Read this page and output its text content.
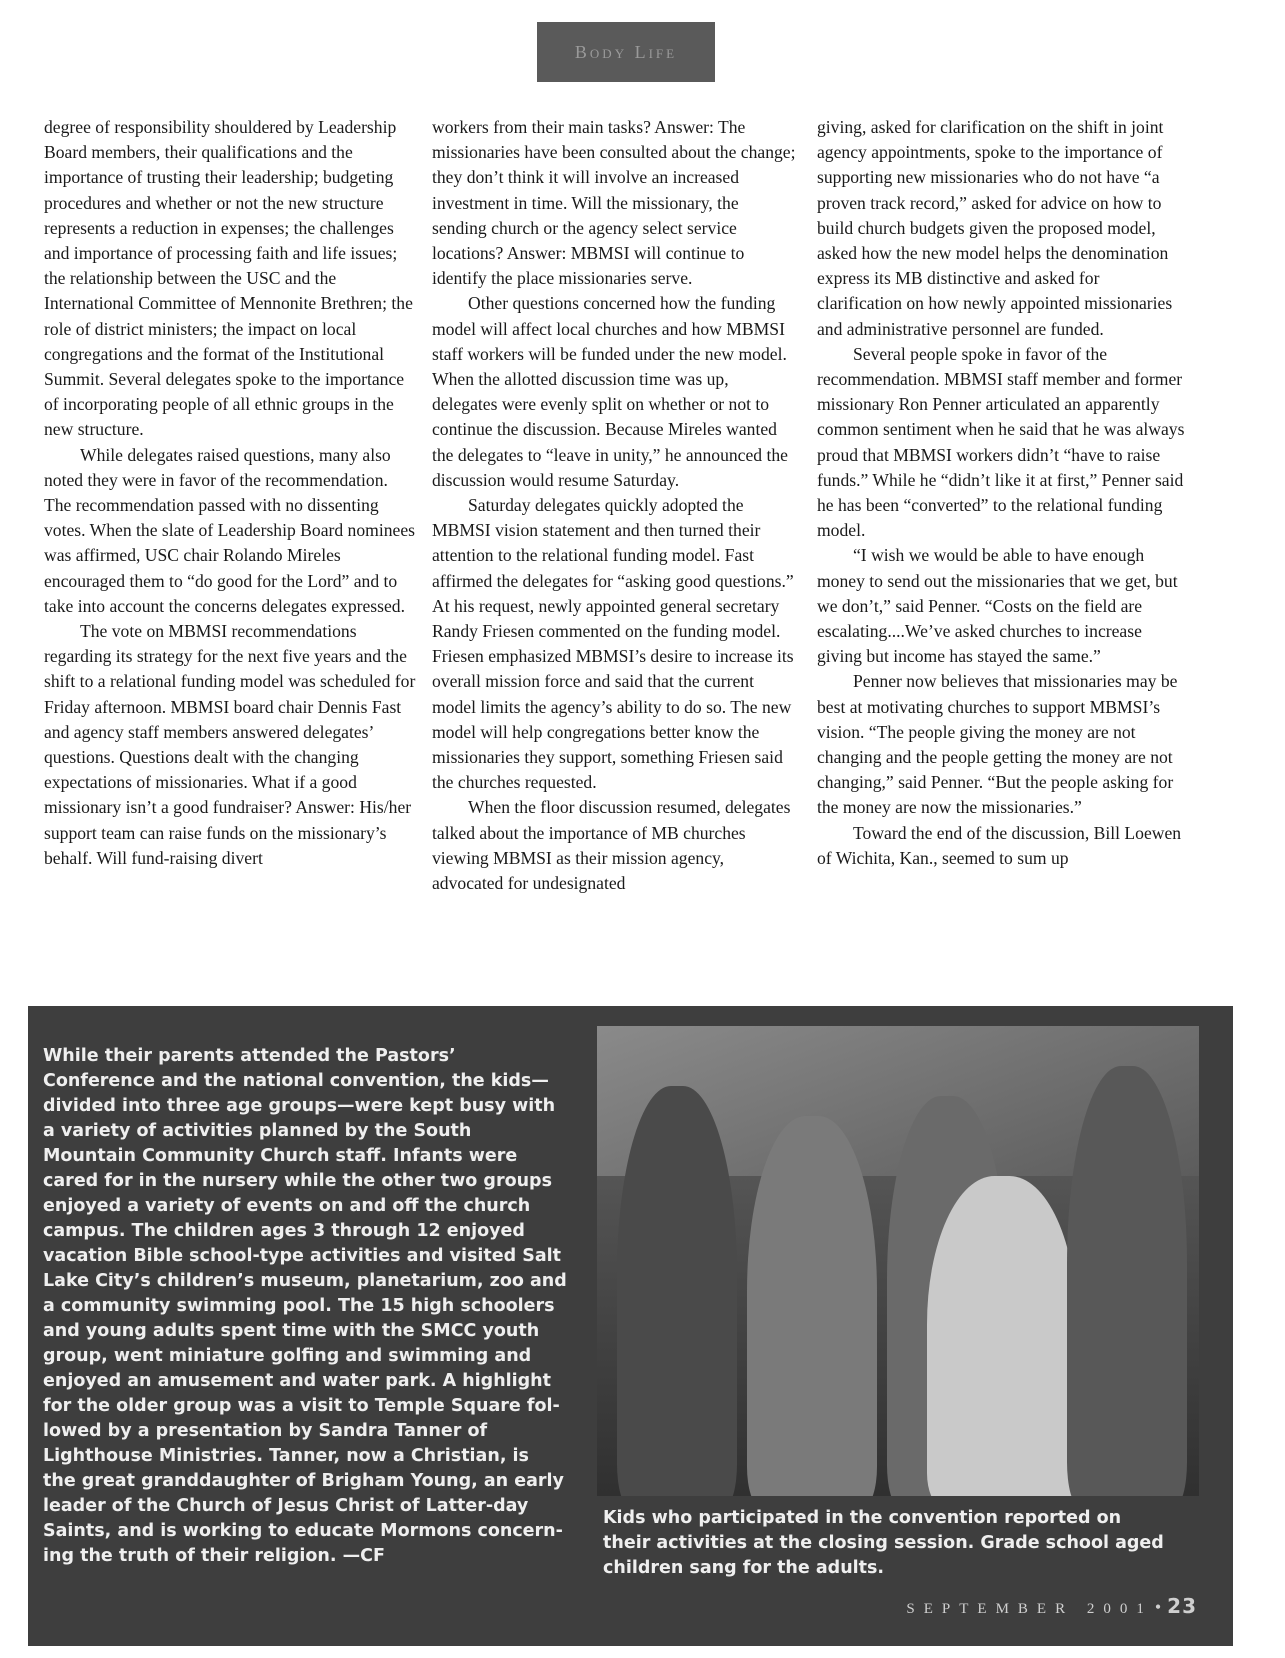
Body Life

degree of responsibility shouldered by Leadership Board members, their qualifications and the importance of trusting their leadership; budgeting procedures and whether or not the new structure represents a reduction in expenses; the challenges and importance of processing faith and life issues; the relationship between the USC and the International Committee of Mennonite Brethren; the role of district ministers; the impact on local congregations and the format of the Institutional Summit. Several delegates spoke to the importance of incorporating people of all ethnic groups in the new structure.

While delegates raised questions, many also noted they were in favor of the recommendation. The recommendation passed with no dissenting votes. When the slate of Leadership Board nominees was affirmed, USC chair Rolando Mireles encouraged them to “do good for the Lord” and to take into account the concerns delegates expressed.

The vote on MBMSI recommendations regarding its strategy for the next five years and the shift to a relational funding model was scheduled for Friday afternoon. MBMSI board chair Dennis Fast and agency staff members answered delegates’ questions. Questions dealt with the changing expectations of missionaries. What if a good missionary isn’t a good fundraiser? Answer: His/her support team can raise funds on the missionary’s behalf. Will fund-raising divert

workers from their main tasks? Answer: The missionaries have been consulted about the change; they don’t think it will involve an increased investment in time. Will the missionary, the sending church or the agency select service locations? Answer: MBMSI will continue to identify the place missionaries serve.

Other questions concerned how the funding model will affect local churches and how MBMSI staff workers will be funded under the new model. When the allotted discussion time was up, delegates were evenly split on whether or not to continue the discussion. Because Mireles wanted the delegates to “leave in unity,” he announced the discussion would resume Saturday.

Saturday delegates quickly adopted the MBMSI vision statement and then turned their attention to the relational funding model. Fast affirmed the delegates for “asking good questions.” At his request, newly appointed general secretary Randy Friesen commented on the funding model. Friesen emphasized MBMSI’s desire to increase its overall mission force and said that the current model limits the agency’s ability to do so. The new model will help congregations better know the missionaries they support, something Friesen said the churches requested.

When the floor discussion resumed, delegates talked about the importance of MB churches viewing MBMSI as their mission agency, advocated for undesignated

giving, asked for clarification on the shift in joint agency appointments, spoke to the importance of supporting new missionaries who do not have “a proven track record,” asked for advice on how to build church budgets given the proposed model, asked how the new model helps the denomination express its MB distinctive and asked for clarification on how newly appointed missionaries and administrative personnel are funded.

Several people spoke in favor of the recommendation. MBMSI staff member and former missionary Ron Penner articulated an apparently common sentiment when he said that he was always proud that MBMSI workers didn’t “have to raise funds.” While he “didn’t like it at first,” Penner said he has been “converted” to the relational funding model.

“I wish we would be able to have enough money to send out the missionaries that we get, but we don’t,” said Penner. “Costs on the field are escalating....We’ve asked churches to increase giving but income has stayed the same.”

Penner now believes that missionaries may be best at motivating churches to support MBMSI’s vision. “The people giving the money are not changing and the people getting the money are not changing,” said Penner. “But the people asking for the money are now the missionaries.”

Toward the end of the discussion, Bill Loewen of Wichita, Kan., seemed to sum up

While their parents attended the Pastors’
Conference and the national convention, the kids—
divided into three age groups—were kept busy with
a variety of activities planned by the South
Mountain Community Church staff. Infants were
cared for in the nursery while the other two groups
enjoyed a variety of events on and off the church
campus. The children ages 3 through 12 enjoyed
vacation Bible school-type activities and visited Salt
Lake City’s children’s museum, planetarium, zoo and
a community swimming pool. The 15 high schoolers
and young adults spent time with the SMCC youth
group, went miniature golfing and swimming and
enjoyed an amusement and water park. A highlight
for the older group was a visit to Temple Square fol-
lowed by a presentation by Sandra Tanner of
Lighthouse Ministries. Tanner, now a Christian, is
the great granddaughter of Brigham Young, an early
leader of the Church of Jesus Christ of Latter-day
Saints, and is working to educate Mormons concern-
ing the truth of their religion. —CF
Kids who participated in the convention reported on
their activities at the closing session. Grade school aged
children sang for the adults.
SEPTEMBER 2001 • 23
